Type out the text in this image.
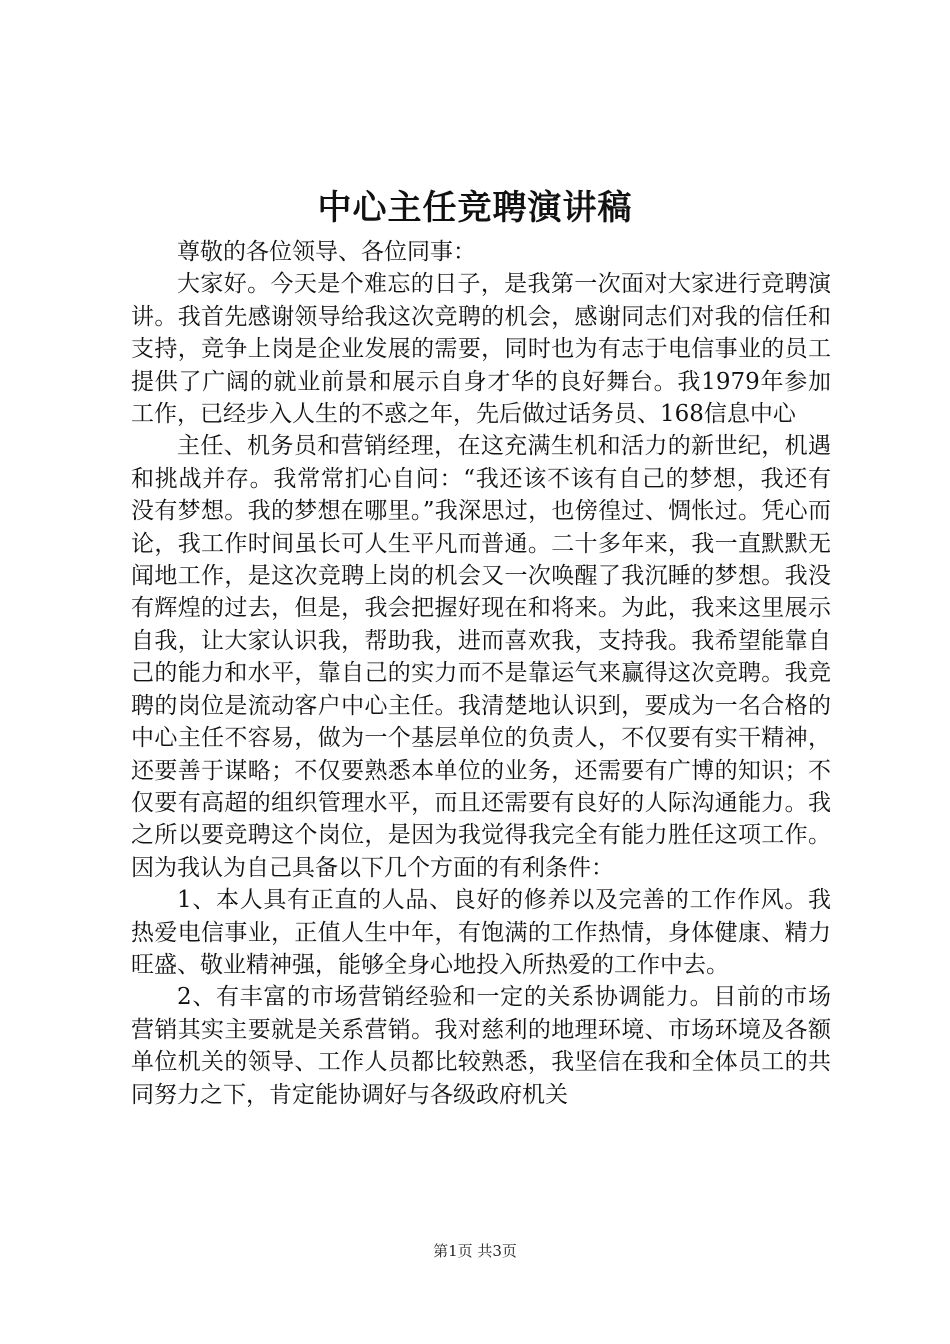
中心主任竞聘演讲稿

尊敬的各位领导、各位同事：

大家好。今天是个难忘的日子，是我第一次面对大家进行竞聘演讲。我首先感谢领导给我这次竞聘的机会，感谢同志们对我的信任和支持，竞争上岗是企业发展的需要，同时也为有志于电信事业的员工提供了广阔的就业前景和展示自身才华的良好舞台。我1979年参加工作，已经步入人生的不惑之年，先后做过话务员、168信息中心

主任、机务员和营销经理，在这充满生机和活力的新世纪，机遇和挑战并存。我常常扪心自问：“我还该不该有自己的梦想，我还有没有梦想。我的梦想在哪里。”我深思过，也傍徨过、惆怅过。凭心而论，我工作时间虽长可人生平凡而普通。二十多年来，我一直默默无闻地工作，是这次竞聘上岗的机会又一次唤醒了我沉睡的梦想。我没有辉煌的过去，但是，我会把握好现在和将来。为此，我来这里展示自我，让大家认识我，帮助我，进而喜欢我，支持我。我希望能靠自己的能力和水平，靠自己的实力而不是靠运气来赢得这次竞聘。我竞聘的岗位是流动客户中心主任。我清楚地认识到，要成为一名合格的中心主任不容易，做为一个基层单位的负责人，不仅要有实干精神，还要善于谋略；不仅要熟悉本单位的业务，还需要有广博的知识；不仅要有高超的组织管理水平，而且还需要有良好的人际沟通能力。我之所以要竞聘这个岗位，是因为我觉得我完全有能力胜任这项工作。因为我认为自己具备以下几个方面的有利条件：

1、本人具有正直的人品、良好的修养以及完善的工作作风。我热爱电信事业，正值人生中年，有饱满的工作热情，身体健康、精力旺盛、敬业精神强，能够全身心地投入所热爱的工作中去。

2、有丰富的市场营销经验和一定的关系协调能力。目前的市场营销其实主要就是关系营销。我对慈利的地理环境、市场环境及各额单位机关的领导、工作人员都比较熟悉，我坚信在我和全体员工的共同努力之下，肯定能协调好与各级政府机关

第1页 共3页
